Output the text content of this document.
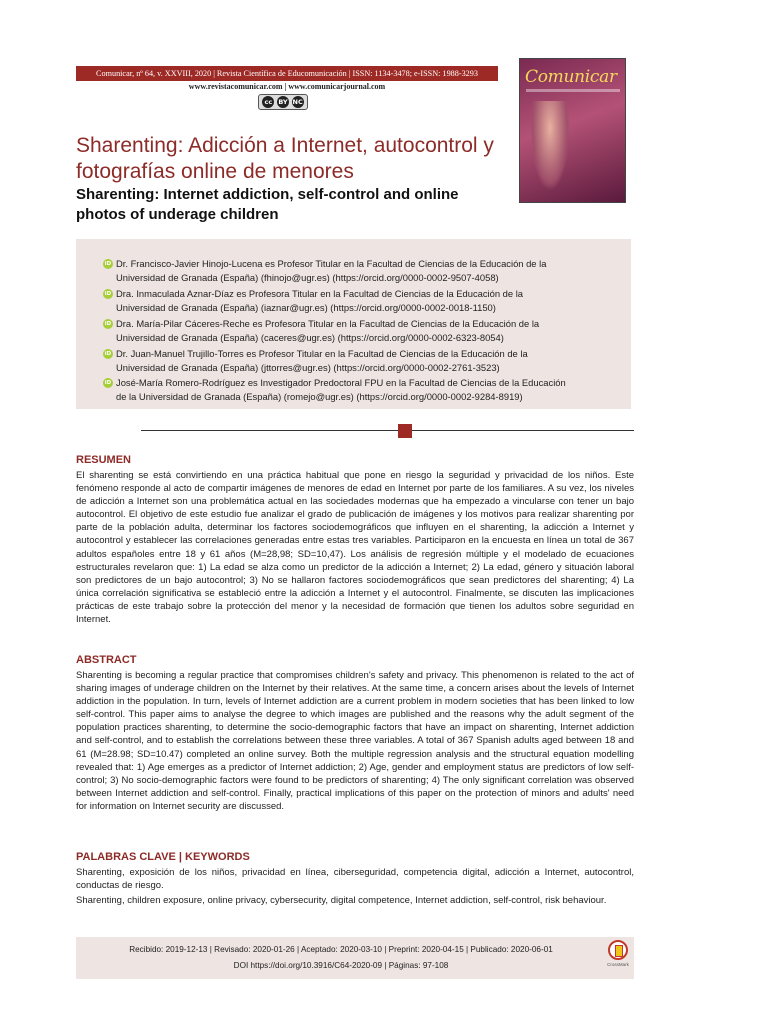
Comunicar, nº 64, v. XXVIII, 2020 | Revista Científica de Educomunicación | ISSN: 1134-3478; e-ISSN: 1988-3293
www.revistacomunicar.com | www.comunicarjournal.com
cc BY NC
Comunicar
Sharenting: Adicción a Internet, autocontrol y fotografías online de menores
Sharenting: Internet addiction, self-control and online photos of underage children
iD Dr. Francisco-Javier Hinojo-Lucena es Profesor Titular en la Facultad de Ciencias de la Educación de la
Universidad de Granada (España) (fhinojo@ugr.es) (https://orcid.org/0000-0002-9507-4058)
iD Dra. Inmaculada Aznar-Díaz es Profesora Titular en la Facultad de Ciencias de la Educación de la
Universidad de Granada (España) (iaznar@ugr.es) (https://orcid.org/0000-0002-0018-1150)
iD Dra. María-Pilar Cáceres-Reche es Profesora Titular en la Facultad de Ciencias de la Educación de la
Universidad de Granada (España) (caceres@ugr.es) (https://orcid.org/0000-0002-6323-8054)
iD Dr. Juan-Manuel Trujillo-Torres es Profesor Titular en la Facultad de Ciencias de la Educación de la
Universidad de Granada (España) (jttorres@ugr.es) (https://orcid.org/0000-0002-2761-3523)
iD José-María Romero-Rodríguez es Investigador Predoctoral FPU en la Facultad de Ciencias de la Educación
de la Universidad de Granada (España) (romejo@ugr.es) (https://orcid.org/0000-0002-9284-8919)
RESUMEN
El sharenting se está convirtiendo en una práctica habitual que pone en riesgo la seguridad y privacidad de los niños. Este fenómeno responde al acto de compartir imágenes de menores de edad en Internet por parte de los familiares. A su vez, los niveles de adicción a Internet son una problemática actual en las sociedades modernas que ha empezado a vincularse con tener un bajo autocontrol. El objetivo de este estudio fue analizar el grado de publicación de imágenes y los motivos para realizar sharenting por parte de la población adulta, determinar los factores sociodemográficos que influyen en el sharenting, la adicción a Internet y autocontrol y establecer las correlaciones generadas entre estas tres variables. Participaron en la encuesta en línea un total de 367 adultos españoles entre 18 y 61 años (M=28,98; SD=10,47). Los análisis de regresión múltiple y el modelado de ecuaciones estructurales revelaron que: 1) La edad se alza como un predictor de la adicción a Internet; 2) La edad, género y situación laboral son predictores de un bajo autocontrol; 3) No se hallaron factores sociodemográficos que sean predictores del sharenting; 4) La única correlación significativa se estableció entre la adicción a Internet y el autocontrol. Finalmente, se discuten las implicaciones prácticas de este trabajo sobre la protección del menor y la necesidad de formación que tienen los adultos sobre seguridad en Internet.
ABSTRACT
Sharenting is becoming a regular practice that compromises children's safety and privacy. This phenomenon is related to the act of sharing images of underage children on the Internet by their relatives. At the same time, a concern arises about the levels of Internet addiction in the population. In turn, levels of Internet addiction are a current problem in modern societies that has been linked to low self-control. This paper aims to analyse the degree to which images are published and the reasons why the adult segment of the population practices sharenting, to determine the socio-demographic factors that have an impact on sharenting, Internet addiction and self-control, and to establish the correlations between these three variables. A total of 367 Spanish adults aged between 18 and 61 (M=28.98; SD=10.47) completed an online survey. Both the multiple regression analysis and the structural equation modelling revealed that: 1) Age emerges as a predictor of Internet addiction; 2) Age, gender and employment status are predictors of low self-control; 3) No socio-demographic factors were found to be predictors of sharenting; 4) The only significant correlation was observed between Internet addiction and self-control. Finally, practical implications of this paper on the protection of minors and adults' need for information on Internet security are discussed.
PALABRAS CLAVE | KEYWORDS
Sharenting, exposición de los niños, privacidad en línea, ciberseguridad, competencia digital, adicción a Internet, autocontrol, conductas de riesgo.
Sharenting, children exposure, online privacy, cybersecurity, digital competence, Internet addiction, self-control, risk behaviour.
Recibido: 2019-12-13 | Revisado: 2020-01-26 | Aceptado: 2020-03-10 | Preprint: 2020-04-15 | Publicado: 2020-06-01
DOI https://doi.org/10.3916/C64-2020-09 | Páginas: 97-108	CrossMark
